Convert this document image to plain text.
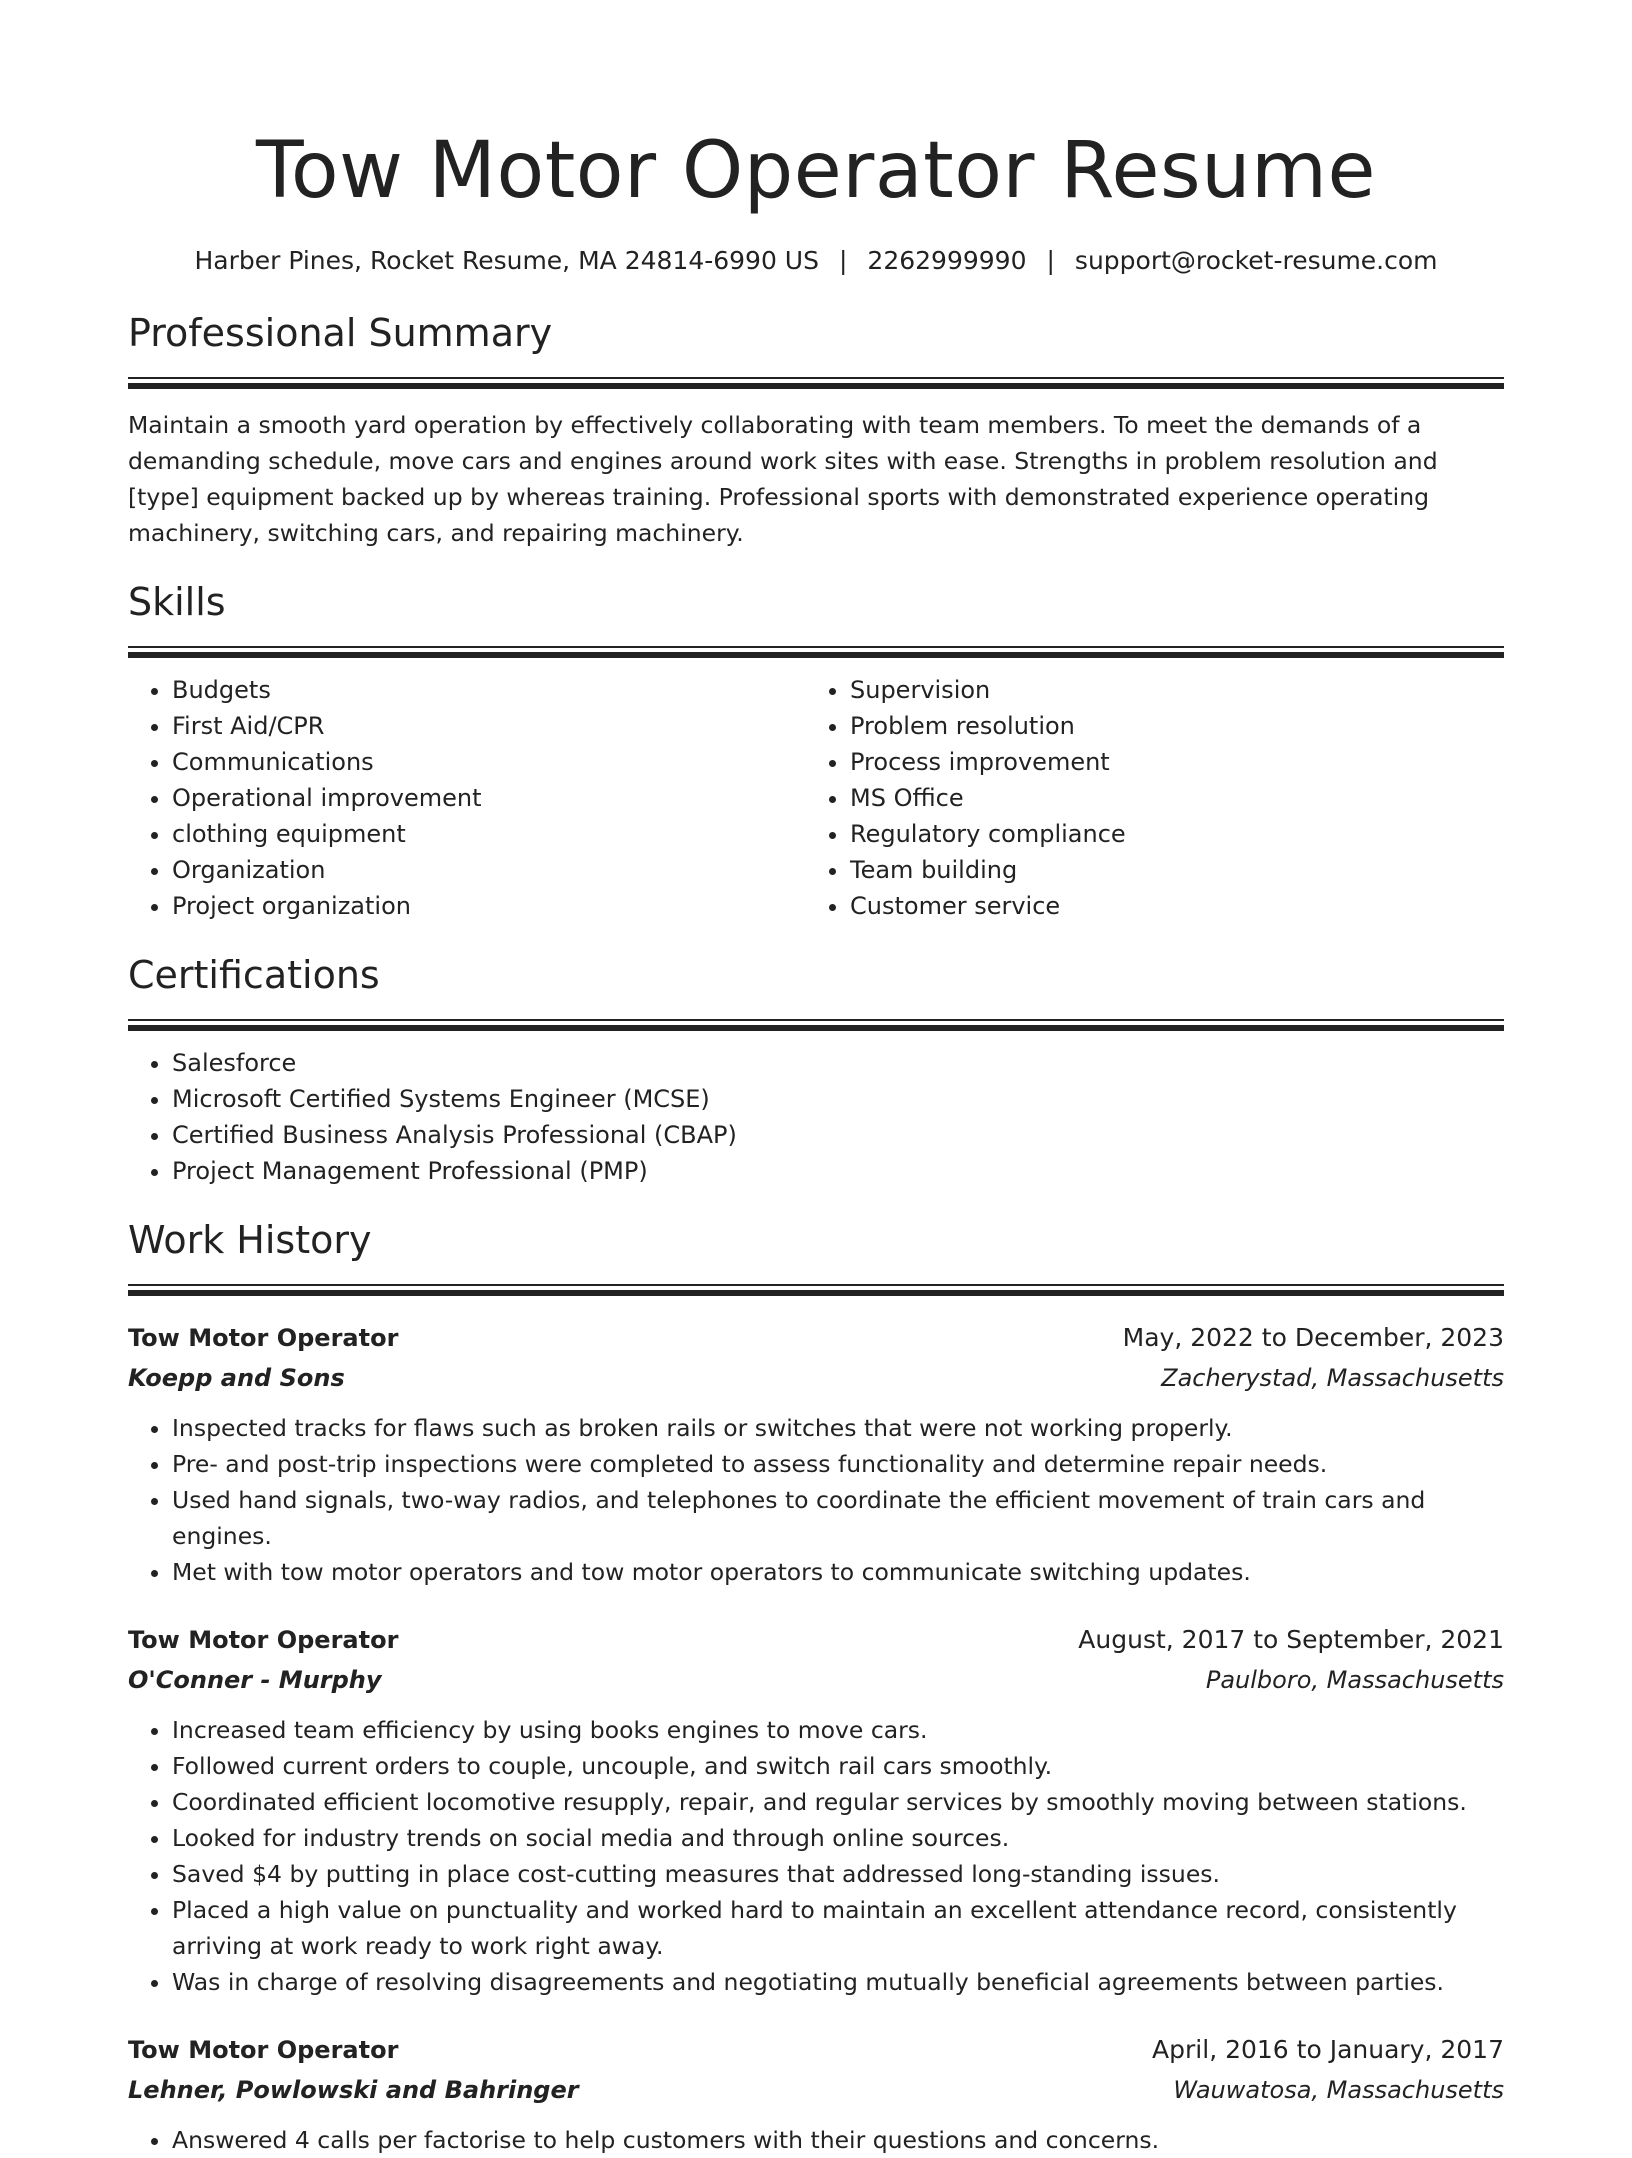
Tow Motor Operator Resume
Harber Pines, Rocket Resume, MA 24814-6990 US | 2262999990 | support@rocket-resume.com
Professional Summary

Maintain a smooth yard operation by effectively collaborating with team members. To meet the demands of a demanding schedule, move cars and engines around work sites with ease. Strengths in problem resolution and [type] equipment backed up by whereas training. Professional sports with demonstrated experience operating machinery, switching cars, and repairing machinery.

Skills
• Budgets
• First Aid/CPR
• Communications
• Operational improvement
• clothing equipment
• Organization
• Project organization
• Supervision
• Problem resolution
• Process improvement
• MS Office
• Regulatory compliance
• Team building
• Customer service
Certifications
• Salesforce
• Microsoft Certified Systems Engineer (MCSE)
• Certified Business Analysis Professional (CBAP)
• Project Management Professional (PMP)
Work History
Tow Motor Operator	May, 2022 to December, 2023
Koepp and Sons	Zacherystad, Massachusetts
• Inspected tracks for flaws such as broken rails or switches that were not working properly.
• Pre- and post-trip inspections were completed to assess functionality and determine repair needs.
• Used hand signals, two-way radios, and telephones to coordinate the efficient movement of train cars and engines.
• Met with tow motor operators and tow motor operators to communicate switching updates.
Tow Motor Operator	August, 2017 to September, 2021
O'Conner - Murphy	Paulboro, Massachusetts
• Increased team efficiency by using books engines to move cars.
• Followed current orders to couple, uncouple, and switch rail cars smoothly.
• Coordinated efficient locomotive resupply, repair, and regular services by smoothly moving between stations.
• Looked for industry trends on social media and through online sources.
• Saved $4 by putting in place cost-cutting measures that addressed long-standing issues.
• Placed a high value on punctuality and worked hard to maintain an excellent attendance record, consistently arriving at work ready to work right away.
• Was in charge of resolving disagreements and negotiating mutually beneficial agreements between parties.
Tow Motor Operator	April, 2016 to January, 2017
Lehner, Powlowski and Bahringer	Wauwatosa, Massachusetts
• Answered 4 calls per factorise to help customers with their questions and concerns.
